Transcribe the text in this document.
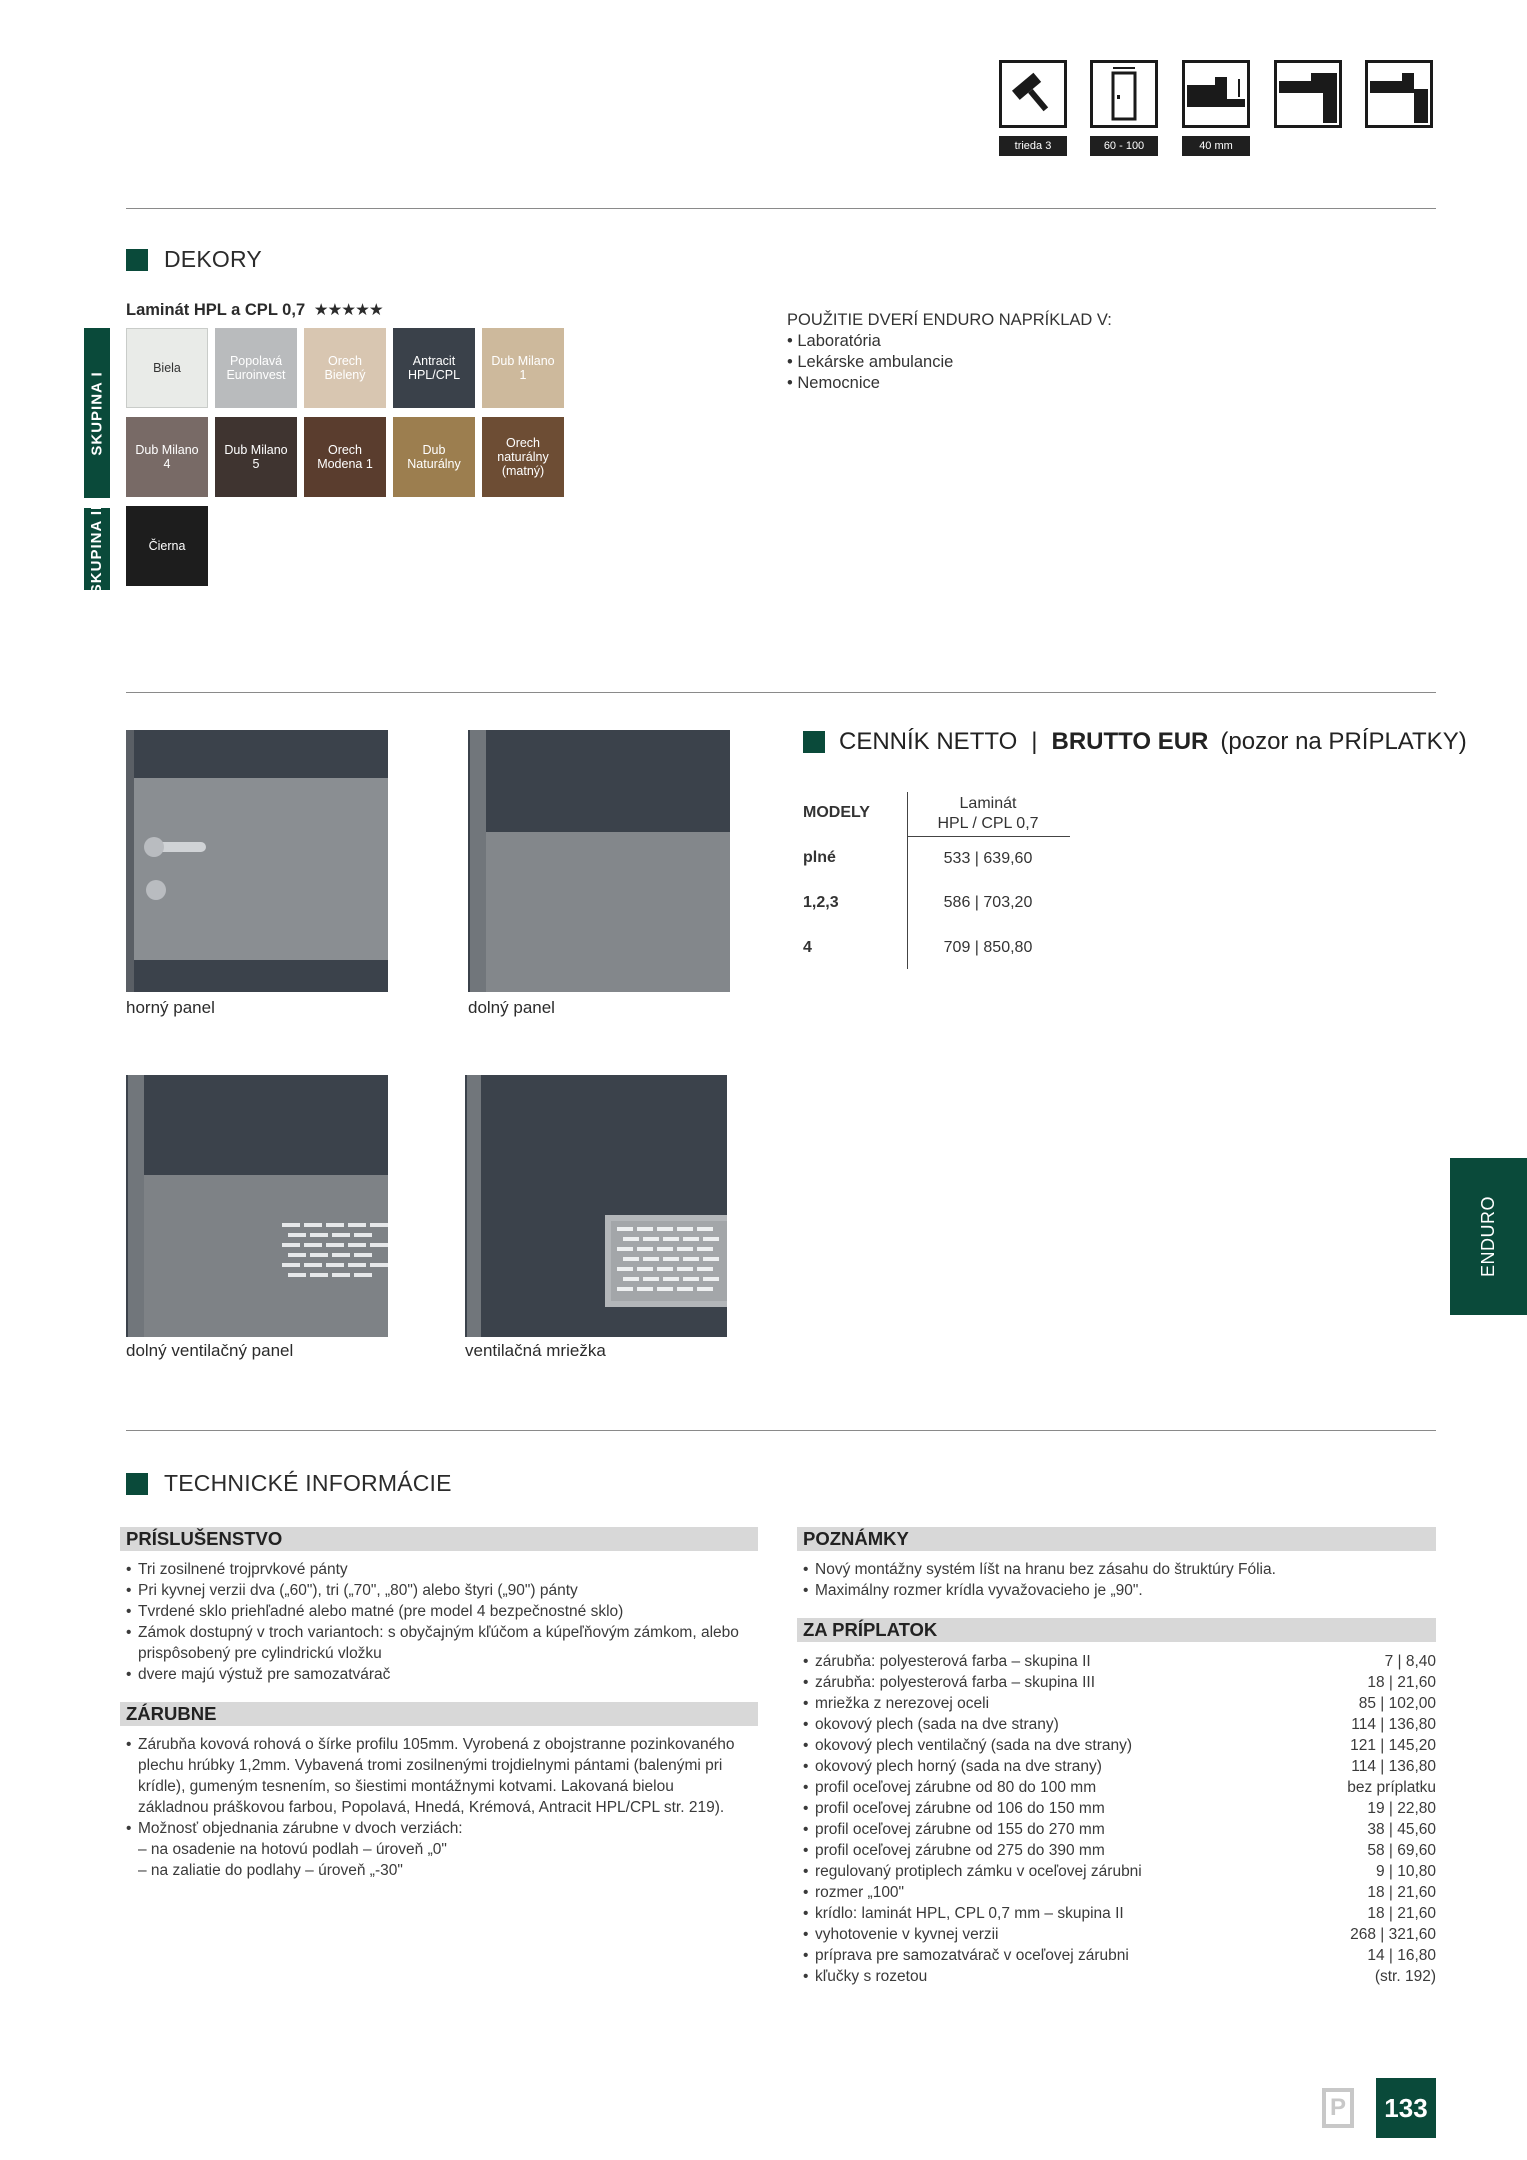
trieda 3	60 - 100	40 mm
DEKORY
Laminát HPL a CPL 0,7 ★★★★★
SKUPINA I
SKUPINA II
Biela	Popolavá Euroinvest
Orech Bielený
Antracit HPL/CPL
Dub Milano 1
Dub Milano 4
Dub Milano 5
Orech Modena 1
Dub Naturálny
Orech naturálny (matný)
Čierna
POUŽITIE DVERÍ ENDURO NAPRÍKLAD V:
• Laboratória
• Lekárske ambulancie
• Nemocnice
horný panel	dolný panel
dolný ventilačný panel	ventilačná mriežka
CENNÍK NETTO | BRUTTO EUR (pozor na PRÍPLATKY)
MODELY
Laminát
HPL / CPL 0,7
plné	533 | 639,60
1,2,3	586 | 703,20
4	709 | 850,80
ENDURO
TECHNICKÉ INFORMÁCIE
PRÍSLUŠENSTVO
• Tri zosilnené trojprvkové pánty
• Pri kyvnej verzii dva („60"), tri („70", „80") alebo štyri („90") pánty
• Tvrdené sklo priehľadné alebo matné (pre model 4 bezpečnostné sklo)
• Zámok dostupný v troch variantoch: s obyčajným kľúčom a kúpeľňovým zámkom, alebo prispôsobený pre cylindrickú vložku
• dvere majú výstuž pre samozatvárač
ZÁRUBNE
• Zárubňa kovová rohová o šírke profilu 105mm. Vyrobená z obojstranne pozinkovaného plechu hrúbky 1,2mm. Vybavená tromi zosilnenými trojdielnymi pántami (balenými pri krídle), gumeným tesnením, so šiestimi montážnymi kotvami. Lakovaná bielou základnou práškovou farbou, Popolavá, Hnedá, Krémová, Antracit HPL/CPL str. 219).
• Možnosť objednania zárubne v dvoch verziách:
– na osadenie na hotovú podlah – úroveň „0"
– na zaliatie do podlahy – úroveň „-30"
POZNÁMKY
• Nový montážny systém líšt na hranu bez zásahu do štruktúry Fólia.
• Maximálny rozmer krídla vyvažovacieho je „90".
ZA PRÍPLATOK
• zárubňa: polyesterová farba – skupina II	7 | 8,40
• zárubňa: polyesterová farba – skupina III	18 | 21,60
• mriežka z nerezovej oceli	85 | 102,00
• okovový plech (sada na dve strany)	114 | 136,80
• okovový plech ventilačný (sada na dve strany)	121 | 145,20
• okovový plech horný (sada na dve strany)	114 | 136,80
• profil oceľovej zárubne od 80 do 100 mm	bez príplatku
• profil oceľovej zárubne od 106 do 150 mm	19 | 22,80
• profil oceľovej zárubne od 155 do 270 mm	38 | 45,60
• profil oceľovej zárubne od 275 do 390 mm	58 | 69,60
• regulovaný protiplech zámku v oceľovej zárubni	9 | 10,80
• rozmer „100"	18 | 21,60
• krídlo: laminát HPL, CPL 0,7 mm – skupina II	18 | 21,60
• vyhotovenie v kyvnej verzii	268 | 321,60
• príprava pre samozatvárač v oceľovej zárubni	14 | 16,80
• kľučky s rozetou	(str. 192)
P	133
